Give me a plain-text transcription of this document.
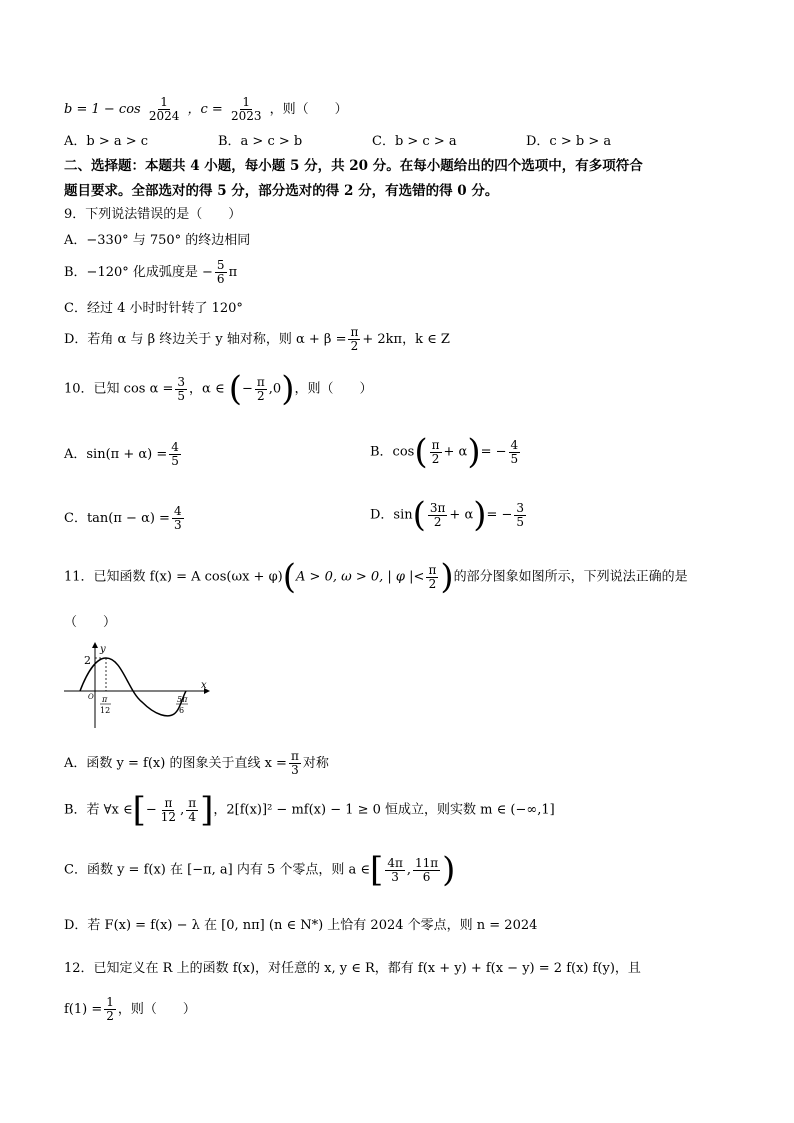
$b = 1 - \cos \frac{1}{2024}$ ，$c = \frac{1}{2023}$ ，则（　　）
A．b > a > c	B．a > c > b	C．b > c > a	D．c > b > a
二、选择题：本题共 4 小题，每小题 5 分，共 20 分。在每小题给出的四个选项中，有多项符合
题目要求。全部选对的得 5 分，部分选对的得 2 分，有选错的得 0 分。
9．下列说法错误的是（　　）
A．−330° 与 750° 的终边相同
B．−120° 化成弧度是 − $\frac{5}{6}$ π
C．经过 4 小时时针转了 120°
D．若角 α 与 β 终边关于 y 轴对称，则 $\alpha + \beta = \frac{\pi}{2} + 2k\pi$，k ∈ Z
10．已知 $\cos \alpha = \frac{3}{5}$ ，α ∈ (− $\frac{\pi}{2} ,0$)，则（　　）
A．$\sin(\pi + \alpha) = \frac{4}{5}$	B．$\cos( \frac{\pi}{2} + \alpha)= - \frac{4}{5}$
C．$\tan(\pi - \alpha) = \frac{4}{3}$	D．$\sin( \frac{3\pi}{2} + \alpha)= - \frac{3}{5}$
11．已知函数 f(x) = A cos(ωx + φ)(A > 0, ω > 0, | φ |< $\frac{\pi}{2}$ )的部分图象如图所示，下列说法正确的是
（　　）
y
x
2
O π
12
5π
6
A．函数 y = f(x) 的图象关于直线 $x = \frac{\pi}{3}$ 对称
B．若 ∀x ∈[− $\frac{\pi}{12}$ , $\frac{\pi}{4}$ ]，2[f(x)]² − mf(x) − 1 ≥ 0 恒成立，则实数 m ∈ (−∞,1]
C．函数 y = f(x) 在 [−π, a] 内有 5 个零点，则 a ∈[ $\frac{4\pi}{3}$ , $\frac{11\pi}{6}$ )
D．若 F(x) = f(x) − λ 在 [0, nπ] (n ∈ N*) 上恰有 2024 个零点，则 n = 2024
12．已知定义在 R 上的函数 f(x)，对任意的 x, y ∈ R，都有 f(x + y) + f(x − y) = 2 f(x) f(y)，且
$f(1) = \frac{1}{2}$ ，则（　　）
